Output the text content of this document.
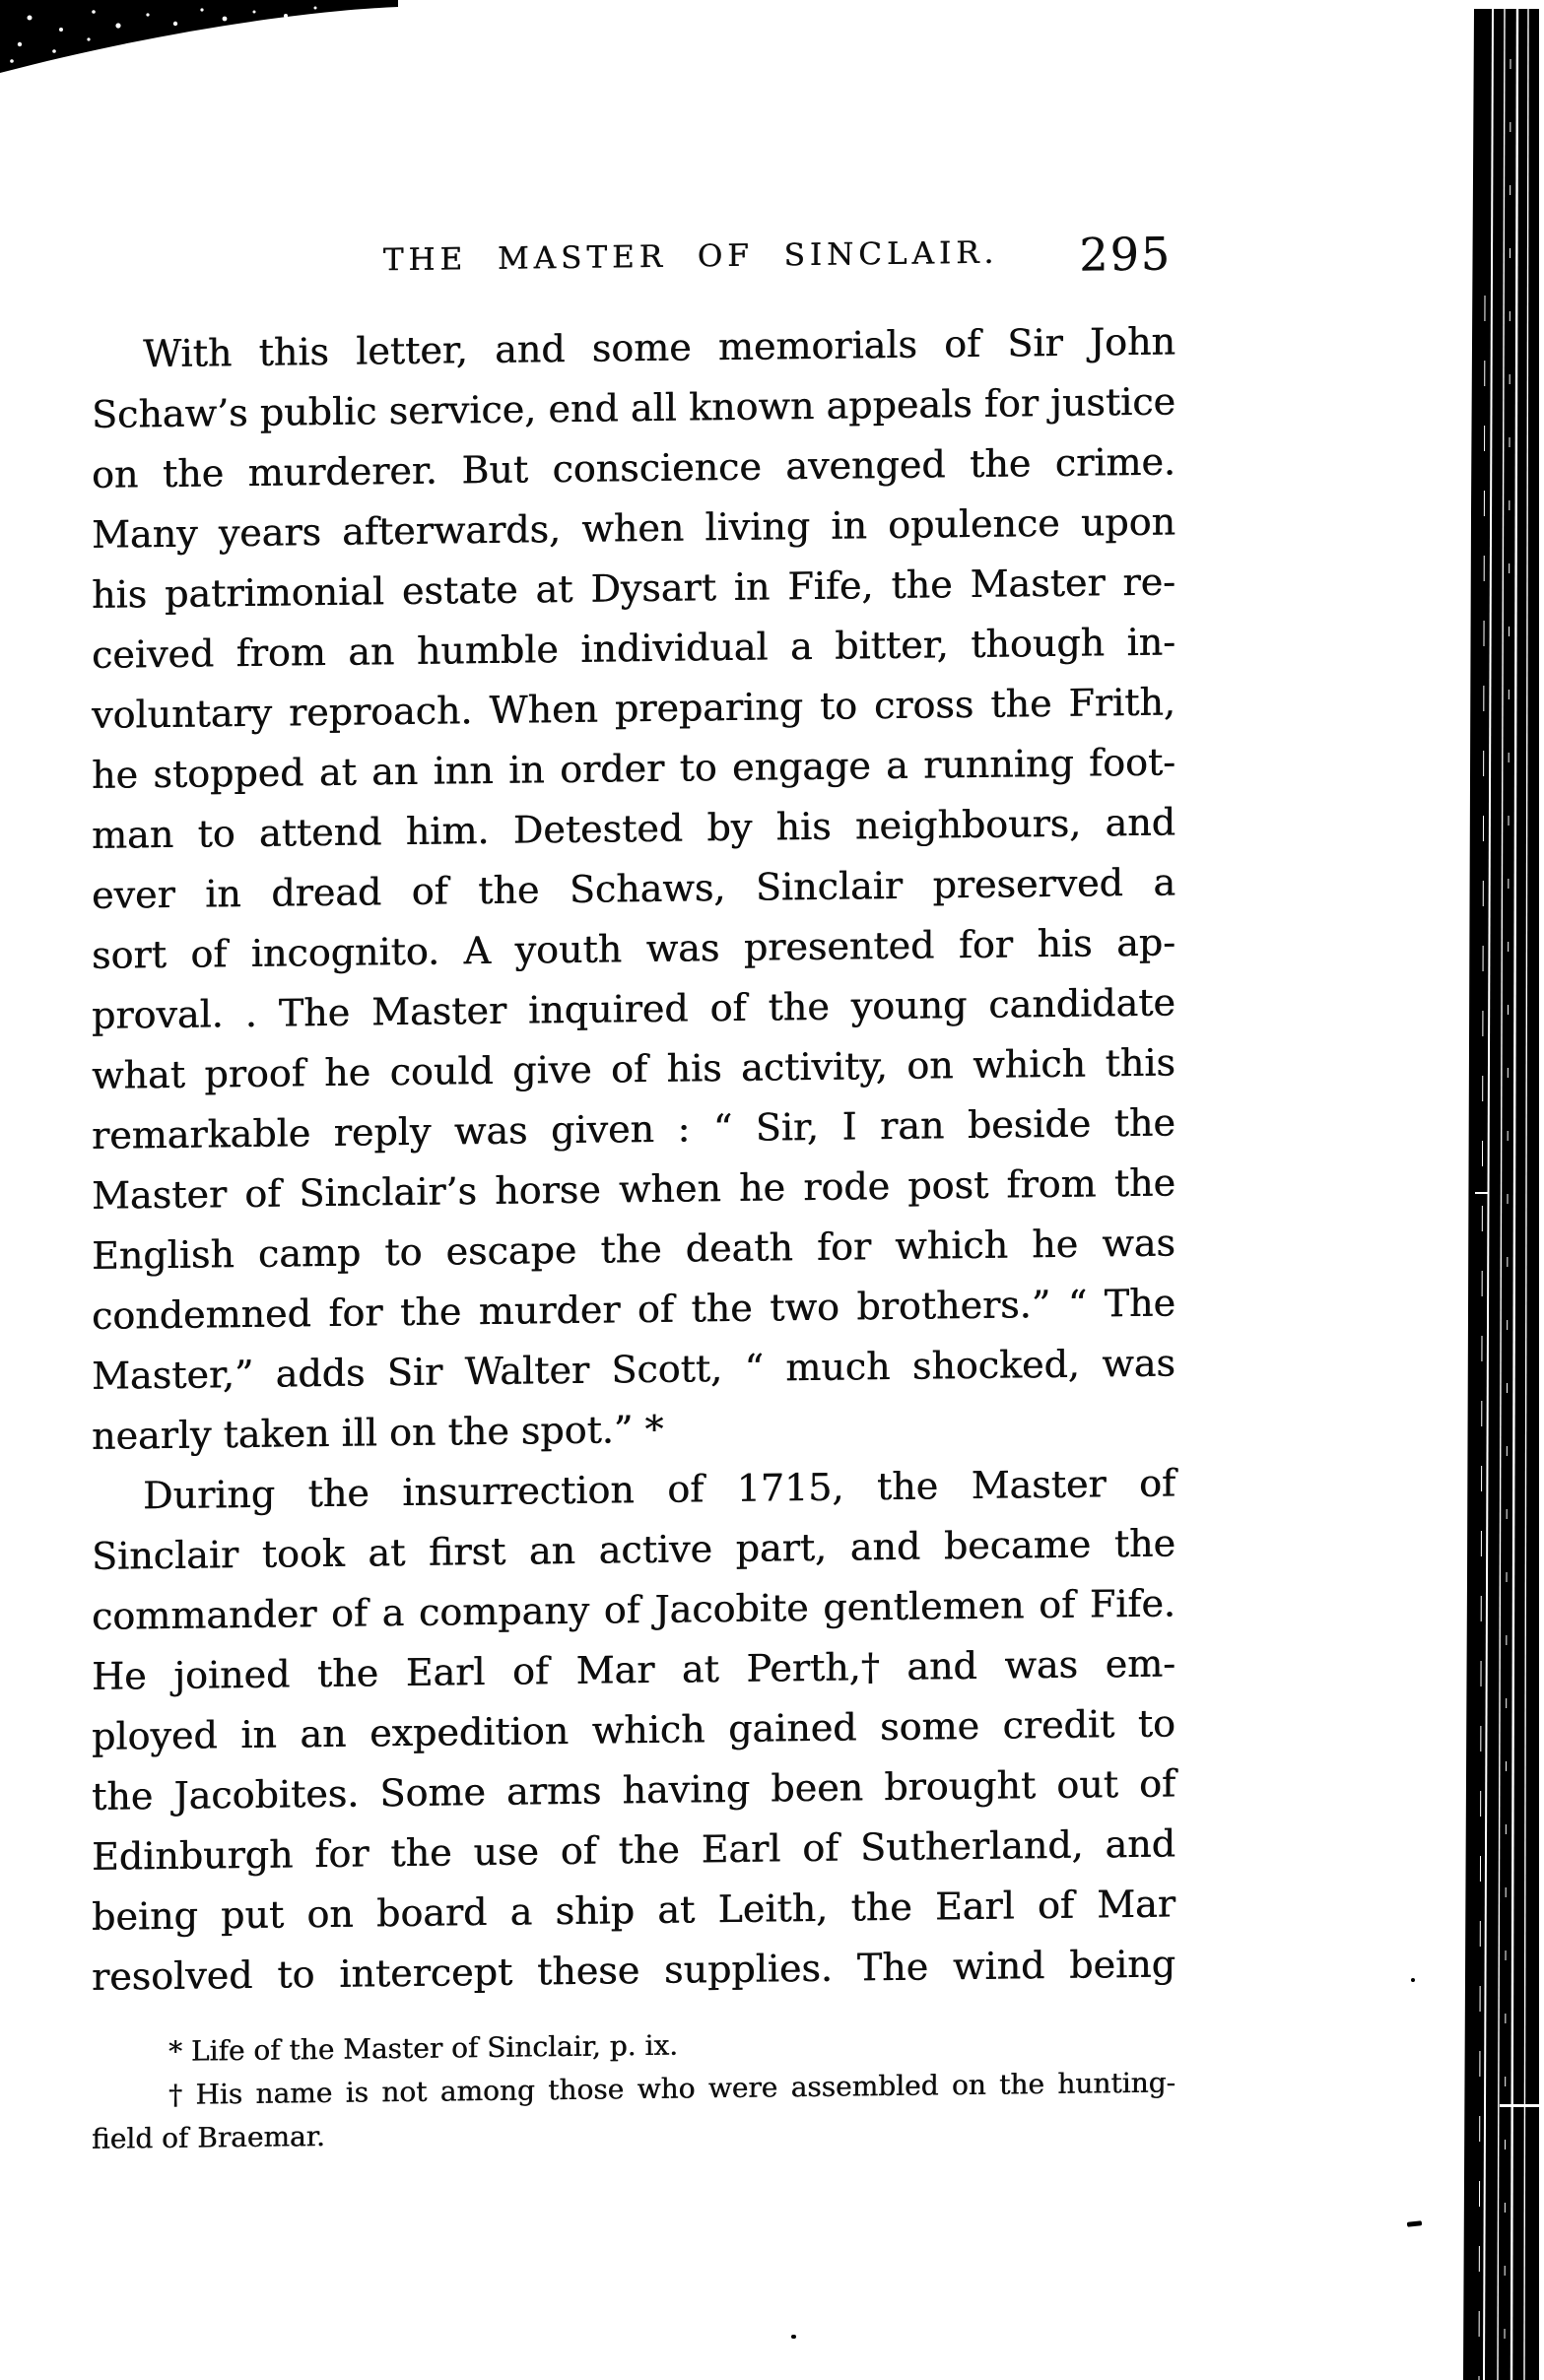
THE MASTER OF SINCLAIR. 295
With this letter, and some memorials of Sir John
Schaw’s public service, end all known appeals for justice
on the murderer. But conscience avenged the crime.
Many years afterwards, when living in opulence upon
his patrimonial estate at Dysart in Fife, the Master re-
ceived from an humble individual a bitter, though in-
voluntary reproach. When preparing to cross the Frith,
he stopped at an inn in order to engage a running foot-
man to attend him. Detested by his neighbours, and
ever in dread of the Schaws, Sinclair preserved a
sort of incognito. A youth was presented for his ap-
proval. . The Master inquired of the young candidate
what proof he could give of his activity, on which this
remarkable reply was given : “ Sir, I ran beside the
Master of Sinclair’s horse when he rode post from the
English camp to escape the death for which he was
condemned for the murder of the two brothers.” “ The
Master,” adds Sir Walter Scott, “ much shocked, was
nearly taken ill on the spot.” *
During the insurrection of 1715, the Master of
Sinclair took at first an active part, and became the
commander of a company of Jacobite gentlemen of Fife.
He joined the Earl of Mar at Perth,† and was em-
ployed in an expedition which gained some credit to
the Jacobites. Some arms having been brought out of
Edinburgh for the use of the Earl of Sutherland, and
being put on board a ship at Leith, the Earl of Mar
resolved to intercept these supplies. The wind being
* Life of the Master of Sinclair, p. ix.
† His name is not among those who were assembled on the hunting-
field of Braemar.
